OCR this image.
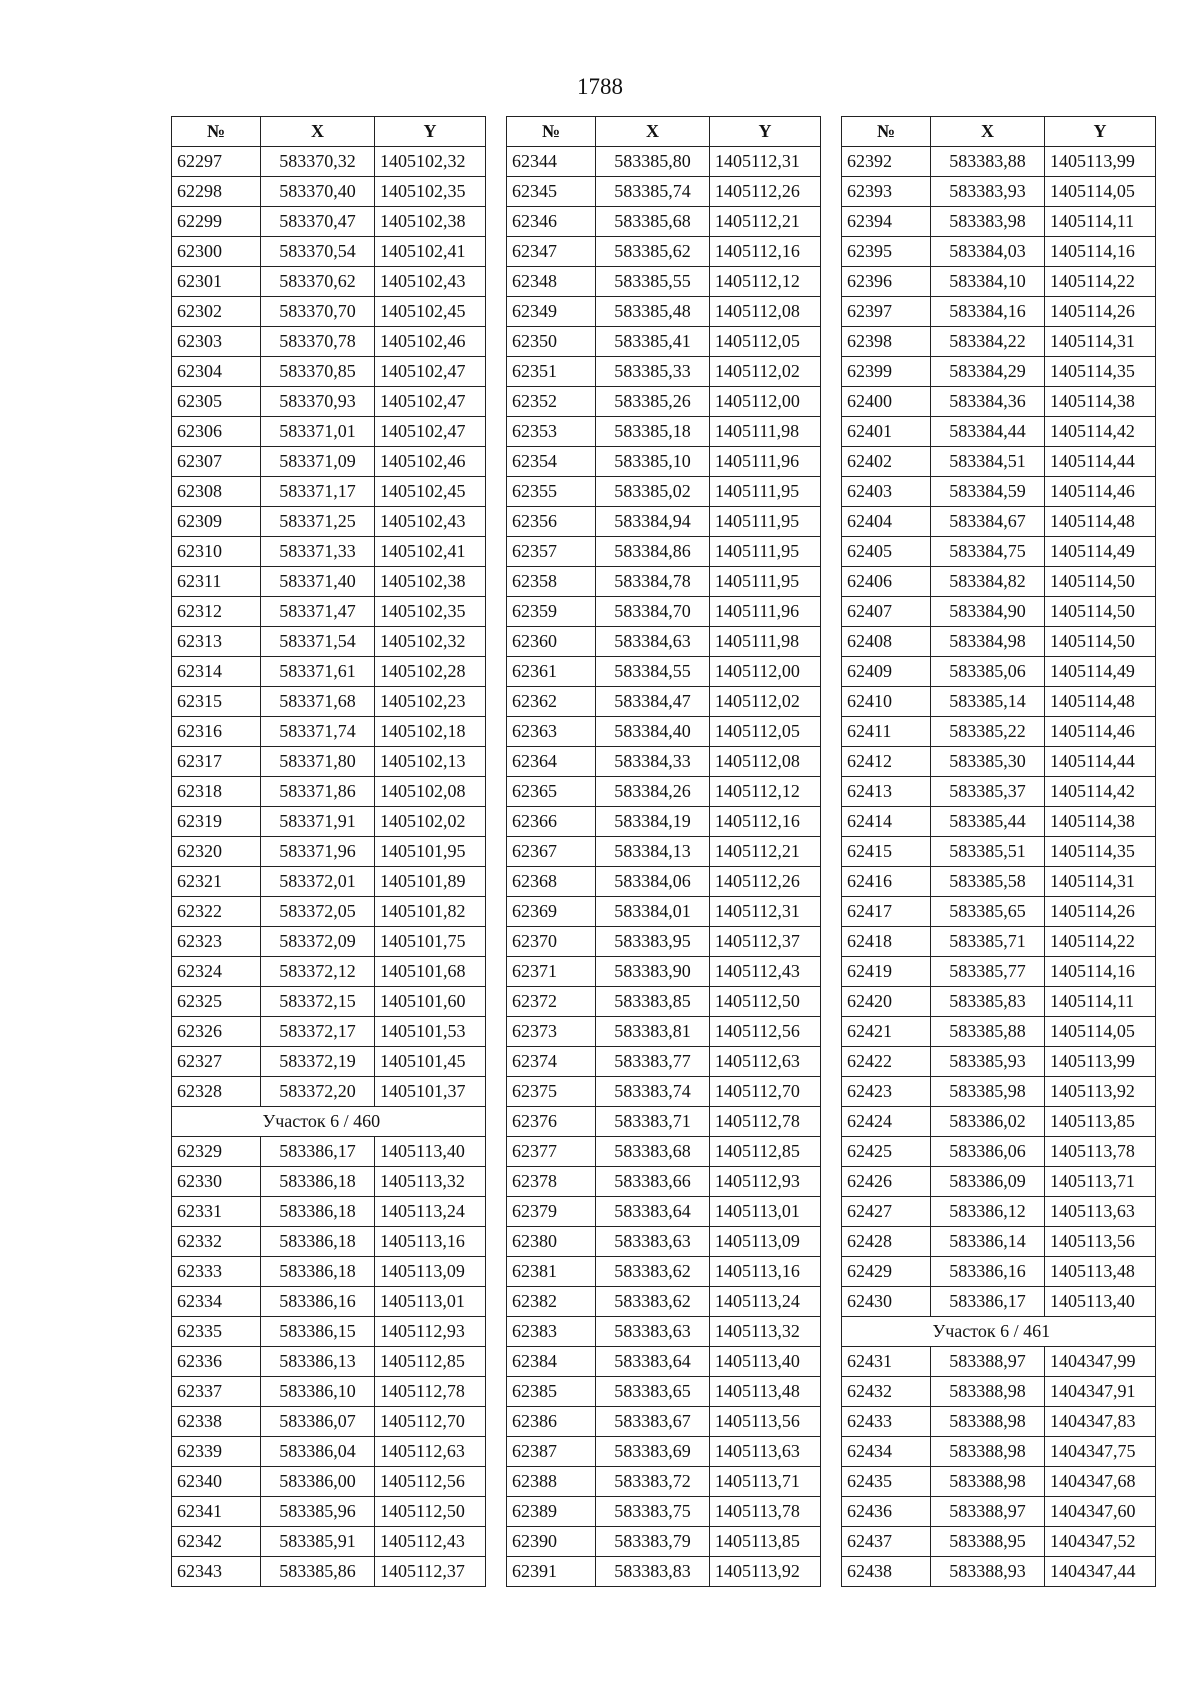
1788
№	X	Y
62297	583370,32	1405102,32
62298	583370,40	1405102,35
62299	583370,47	1405102,38
62300	583370,54	1405102,41
62301	583370,62	1405102,43
62302	583370,70	1405102,45
62303	583370,78	1405102,46
62304	583370,85	1405102,47
62305	583370,93	1405102,47
62306	583371,01	1405102,47
62307	583371,09	1405102,46
62308	583371,17	1405102,45
62309	583371,25	1405102,43
62310	583371,33	1405102,41
62311	583371,40	1405102,38
62312	583371,47	1405102,35
62313	583371,54	1405102,32
62314	583371,61	1405102,28
62315	583371,68	1405102,23
62316	583371,74	1405102,18
62317	583371,80	1405102,13
62318	583371,86	1405102,08
62319	583371,91	1405102,02
62320	583371,96	1405101,95
62321	583372,01	1405101,89
62322	583372,05	1405101,82
62323	583372,09	1405101,75
62324	583372,12	1405101,68
62325	583372,15	1405101,60
62326	583372,17	1405101,53
62327	583372,19	1405101,45
62328	583372,20	1405101,37
	Участок 6 / 460	
62329	583386,17	1405113,40
62330	583386,18	1405113,32
62331	583386,18	1405113,24
62332	583386,18	1405113,16
62333	583386,18	1405113,09
62334	583386,16	1405113,01
62335	583386,15	1405112,93
62336	583386,13	1405112,85
62337	583386,10	1405112,78
62338	583386,07	1405112,70
62339	583386,04	1405112,63
62340	583386,00	1405112,56
62341	583385,96	1405112,50
62342	583385,91	1405112,43
62343	583385,86	1405112,37
№	X	Y
62344	583385,80	1405112,31
62345	583385,74	1405112,26
62346	583385,68	1405112,21
62347	583385,62	1405112,16
62348	583385,55	1405112,12
62349	583385,48	1405112,08
62350	583385,41	1405112,05
62351	583385,33	1405112,02
62352	583385,26	1405112,00
62353	583385,18	1405111,98
62354	583385,10	1405111,96
62355	583385,02	1405111,95
62356	583384,94	1405111,95
62357	583384,86	1405111,95
62358	583384,78	1405111,95
62359	583384,70	1405111,96
62360	583384,63	1405111,98
62361	583384,55	1405112,00
62362	583384,47	1405112,02
62363	583384,40	1405112,05
62364	583384,33	1405112,08
62365	583384,26	1405112,12
62366	583384,19	1405112,16
62367	583384,13	1405112,21
62368	583384,06	1405112,26
62369	583384,01	1405112,31
62370	583383,95	1405112,37
62371	583383,90	1405112,43
62372	583383,85	1405112,50
62373	583383,81	1405112,56
62374	583383,77	1405112,63
62375	583383,74	1405112,70
62376	583383,71	1405112,78
62377	583383,68	1405112,85
62378	583383,66	1405112,93
62379	583383,64	1405113,01
62380	583383,63	1405113,09
62381	583383,62	1405113,16
62382	583383,62	1405113,24
62383	583383,63	1405113,32
62384	583383,64	1405113,40
62385	583383,65	1405113,48
62386	583383,67	1405113,56
62387	583383,69	1405113,63
62388	583383,72	1405113,71
62389	583383,75	1405113,78
62390	583383,79	1405113,85
62391	583383,83	1405113,92
№	X	Y
62392	583383,88	1405113,99
62393	583383,93	1405114,05
62394	583383,98	1405114,11
62395	583384,03	1405114,16
62396	583384,10	1405114,22
62397	583384,16	1405114,26
62398	583384,22	1405114,31
62399	583384,29	1405114,35
62400	583384,36	1405114,38
62401	583384,44	1405114,42
62402	583384,51	1405114,44
62403	583384,59	1405114,46
62404	583384,67	1405114,48
62405	583384,75	1405114,49
62406	583384,82	1405114,50
62407	583384,90	1405114,50
62408	583384,98	1405114,50
62409	583385,06	1405114,49
62410	583385,14	1405114,48
62411	583385,22	1405114,46
62412	583385,30	1405114,44
62413	583385,37	1405114,42
62414	583385,44	1405114,38
62415	583385,51	1405114,35
62416	583385,58	1405114,31
62417	583385,65	1405114,26
62418	583385,71	1405114,22
62419	583385,77	1405114,16
62420	583385,83	1405114,11
62421	583385,88	1405114,05
62422	583385,93	1405113,99
62423	583385,98	1405113,92
62424	583386,02	1405113,85
62425	583386,06	1405113,78
62426	583386,09	1405113,71
62427	583386,12	1405113,63
62428	583386,14	1405113,56
62429	583386,16	1405113,48
62430	583386,17	1405113,40
	Участок 6 / 461	
62431	583388,97	1404347,99
62432	583388,98	1404347,91
62433	583388,98	1404347,83
62434	583388,98	1404347,75
62435	583388,98	1404347,68
62436	583388,97	1404347,60
62437	583388,95	1404347,52
62438	583388,93	1404347,44
